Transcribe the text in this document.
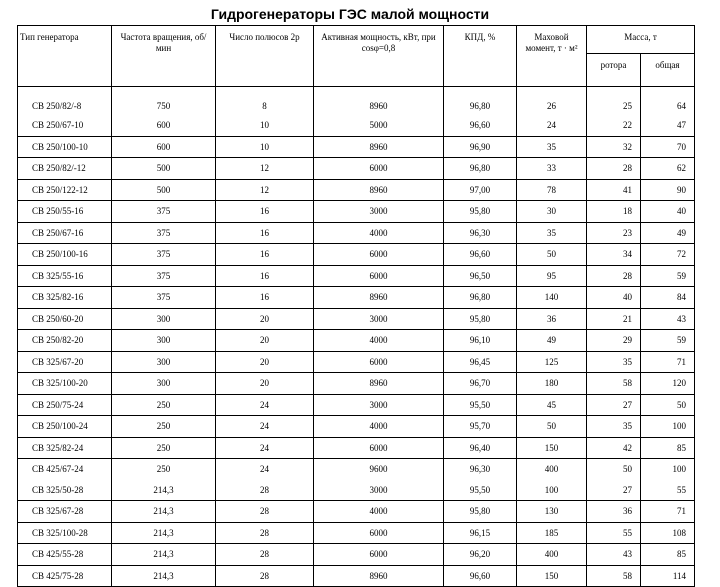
Гидрогенераторы ГЭС малой мощности
Тип генератора	Частота вращения, об/мин	Число полюсов 2р	Активная мощность, кВт, при cosφ=0,8	КПД, %	Маховой момент, т · м²	Масса, т	
						ротора	общая
СВ 250/82/-8	750	8	8960	96,80	26	25	64
СВ 250/67-10	600	10	5000	96,60	24	22	47
СВ 250/100-10	600	10	8960	96,90	35	32	70
СВ 250/82/-12	500	12	6000	96,80	33	28	62
СВ 250/122-12	500	12	8960	97,00	78	41	90
СВ 250/55-16	375	16	3000	95,80	30	18	40
СВ 250/67-16	375	16	4000	96,30	35	23	49
СВ 250/100-16	375	16	6000	96,60	50	34	72
СВ 325/55-16	375	16	6000	96,50	95	28	59
СВ 325/82-16	375	16	8960	96,80	140	40	84
СВ 250/60-20	300	20	3000	95,80	36	21	43
СВ 250/82-20	300	20	4000	96,10	49	29	59
СВ 325/67-20	300	20	6000	96,45	125	35	71
СВ 325/100-20	300	20	8960	96,70	180	58	120
СВ 250/75-24	250	24	3000	95,50	45	27	50
СВ 250/100-24	250	24	4000	95,70	50	35	100
СВ 325/82-24	250	24	6000	96,40	150	42	85
СВ 425/67-24	250	24	9600	96,30	400	50	100
СВ 325/50-28	214,3	28	3000	95,50	100	27	55
СВ 325/67-28	214,3	28	4000	95,80	130	36	71
СВ 325/100-28	214,3	28	6000	96,15	185	55	108
СВ 425/55-28	214,3	28	6000	96,20	400	43	85
СВ 425/75-28	214,3	28	8960	96,60	150	58	114
